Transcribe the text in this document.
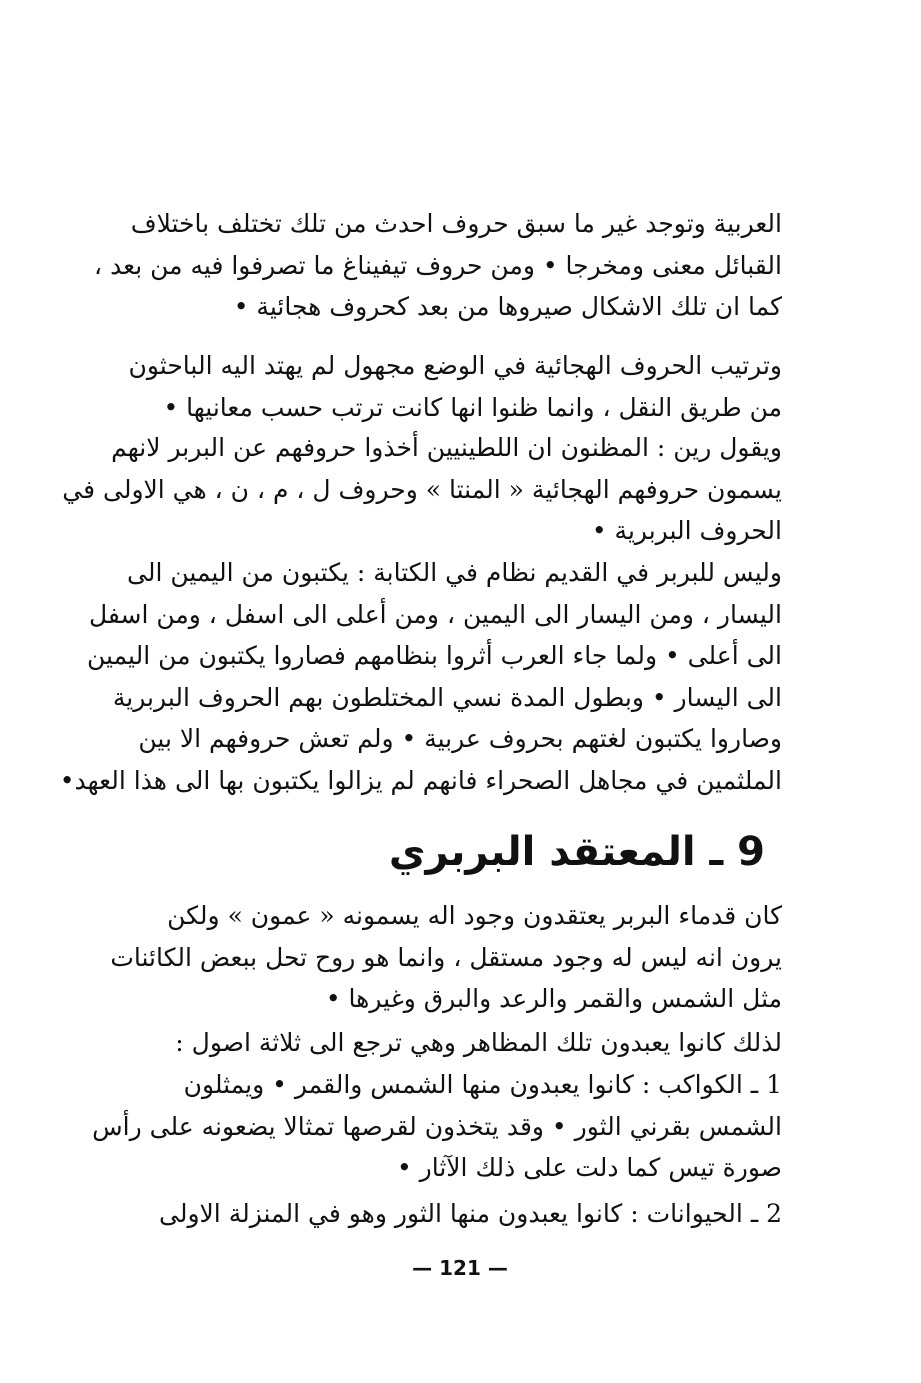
العربية وتوجد غير ما سبق حروف احدث من تلك تختلف باختلاف
القبائل معنى ومخرجا • ومن حروف تيفيناغ ما تصرفوا فيه من بعد ،
كما ان تلك الاشكال صيروها من بعد كحروف هجائية •
وترتيب الحروف الهجائية في الوضع مجهول لم يهتد اليه الباحثون
من طريق النقل ، وانما ظنوا انها كانت ترتب حسب معانيها •
ويقول رين : المظنون ان اللطينيين أخذوا حروفهم عن البربر لانهم
يسمون حروفهم الهجائية « المنتا » وحروف ل ، م ، ن ، هي الاولى في
الحروف البربرية •
وليس للبربر في القديم نظام في الكتابة : يكتبون من اليمين الى
اليسار ، ومن اليسار الى اليمين ، ومن أعلى الى اسفل ، ومن اسفل
الى أعلى • ولما جاء العرب أثروا بنظامهم فصاروا يكتبون من اليمين
الى اليسار • وبطول المدة نسي المختلطون بهم الحروف البربرية
وصاروا يكتبون لغتهم بحروف عربية • ولم تعش حروفهم الا بين
الملثمين في مجاهل الصحراء فانهم لم يزالوا يكتبون بها الى هذا العهد•
9 ـ المعتقد البربري
كان قدماء البربر يعتقدون وجود اله يسمونه « عمون » ولكن
يرون انه ليس له وجود مستقل ، وانما هو روح تحل ببعض الكائنات
مثل الشمس والقمر والرعد والبرق وغيرها •
لذلك كانوا يعبدون تلك المظاهر وهي ترجع الى ثلاثة اصول :
1 ـ الكواكب : كانوا يعبدون منها الشمس والقمر • ويمثلون
الشمس بقرني الثور • وقد يتخذون لقرصها تمثالا يضعونه على رأس
صورة تيس كما دلت على ذلك الآثار •
2 ـ الحيوانات : كانوا يعبدون منها الثور وهو في المنزلة الاولى
— 121 —
